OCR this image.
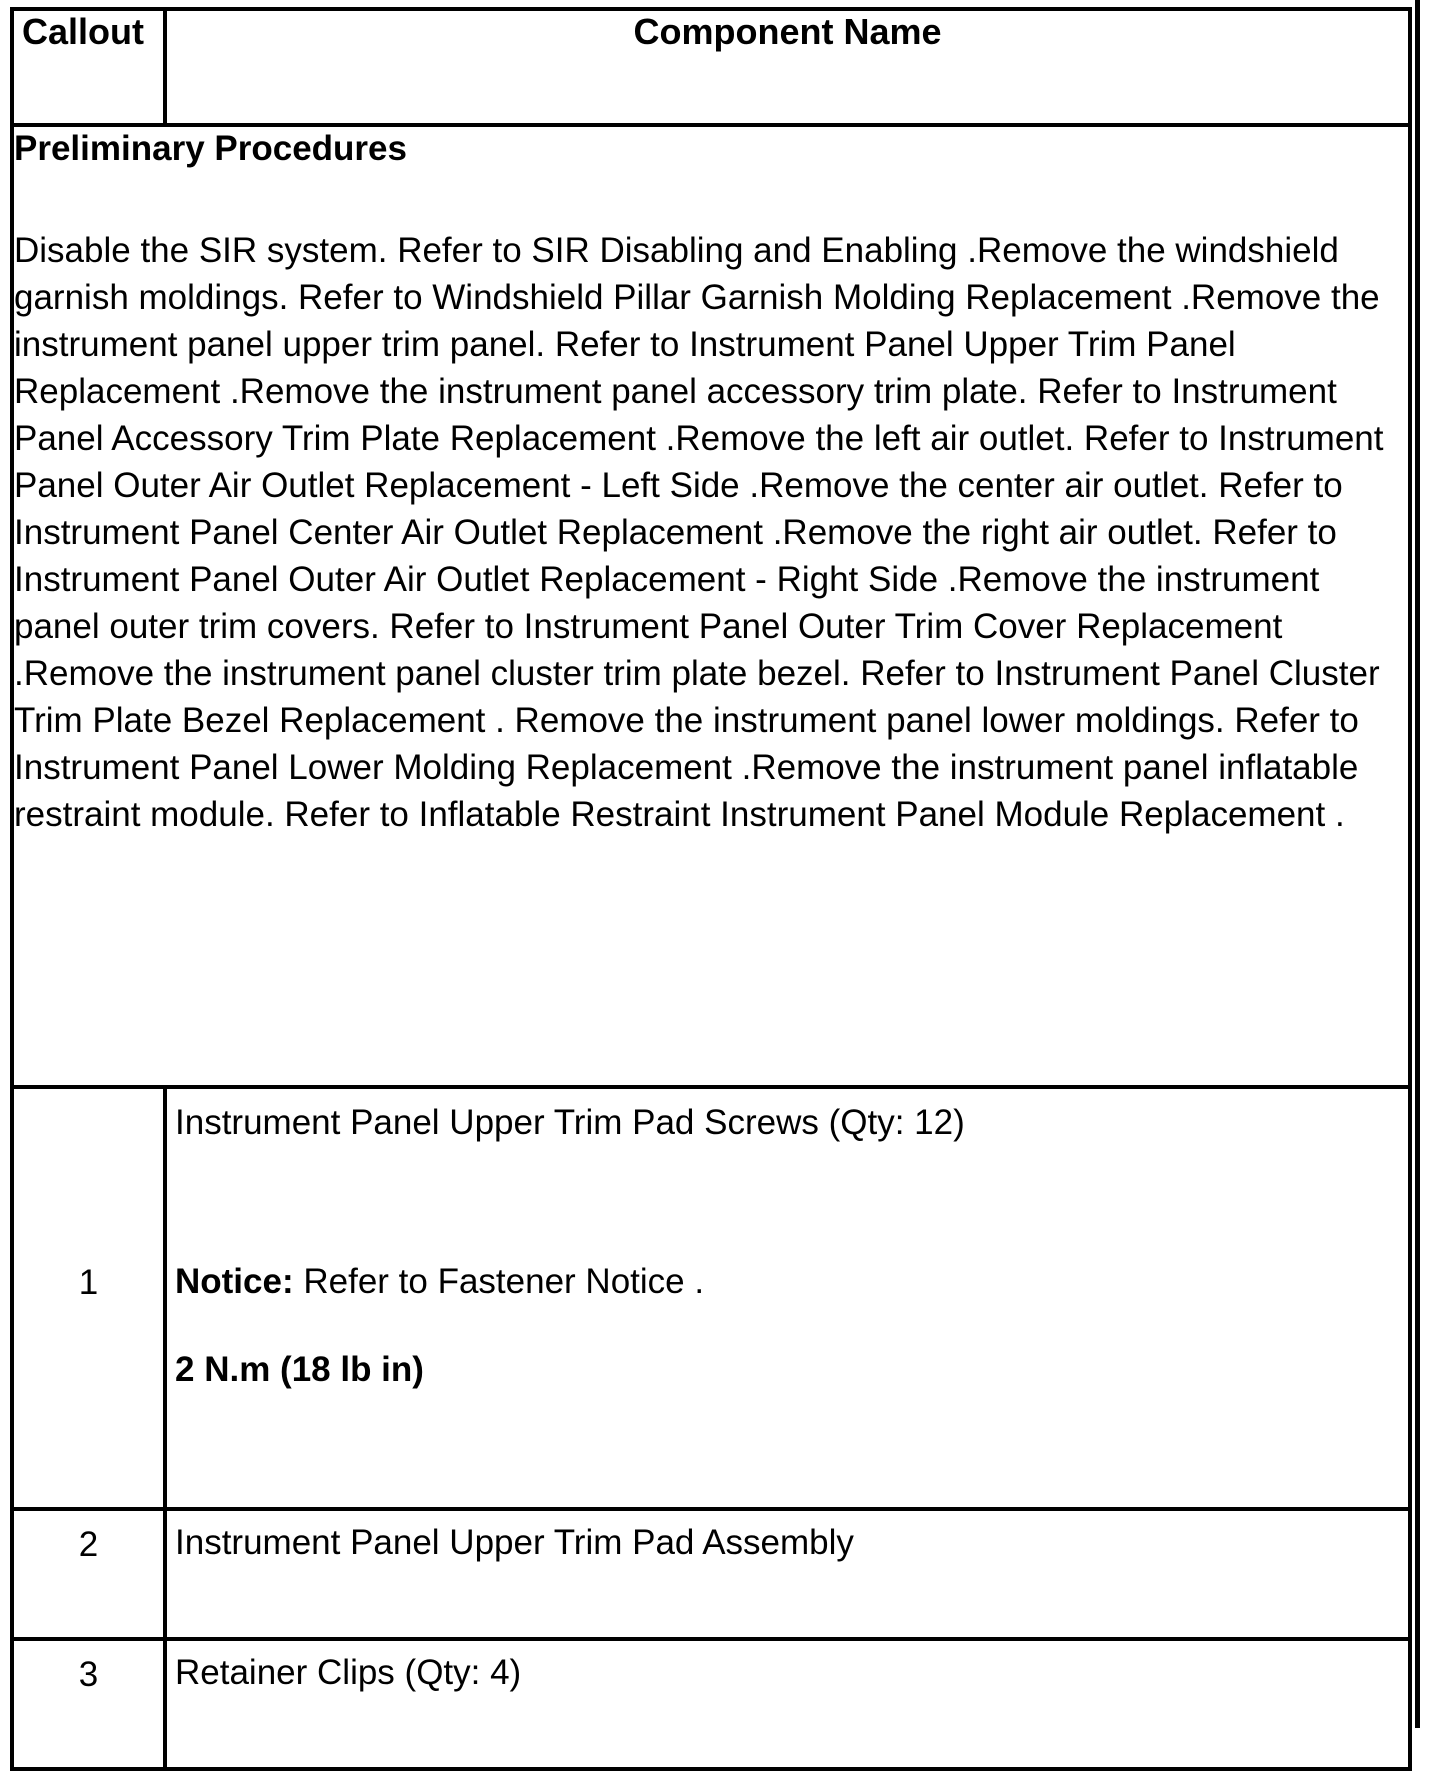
Callout	Component Name

Preliminary Procedures

Disable the SIR system. Refer to SIR Disabling and Enabling .Remove the windshield garnish moldings. Refer to Windshield Pillar Garnish Molding Replacement .Remove the instrument panel upper trim panel. Refer to Instrument Panel Upper Trim Panel Replacement .Remove the instrument panel accessory trim plate. Refer to Instrument Panel Accessory Trim Plate Replacement .Remove the left air outlet. Refer to Instrument Panel Outer Air Outlet Replacement - Left Side .Remove the center air outlet. Refer to Instrument Panel Center Air Outlet Replacement .Remove the right air outlet. Refer to Instrument Panel Outer Air Outlet Replacement - Right Side .Remove the instrument panel outer trim covers. Refer to Instrument Panel Outer Trim Cover Replacement .Remove the instrument panel cluster trim plate bezel. Refer to Instrument Panel Cluster Trim Plate Bezel Replacement . Remove the instrument panel lower moldings. Refer to Instrument Panel Lower Molding Replacement .Remove the instrument panel inflatable restraint module. Refer to Inflatable Restraint Instrument Panel Module Replacement .	

1	Instrument Panel Upper Trim Pad Screws (Qty: 12)

Notice: Refer to Fastener Notice .

2 N.m (18 lb in)

2	Instrument Panel Upper Trim Pad Assembly
3	Retainer Clips (Qty: 4)
